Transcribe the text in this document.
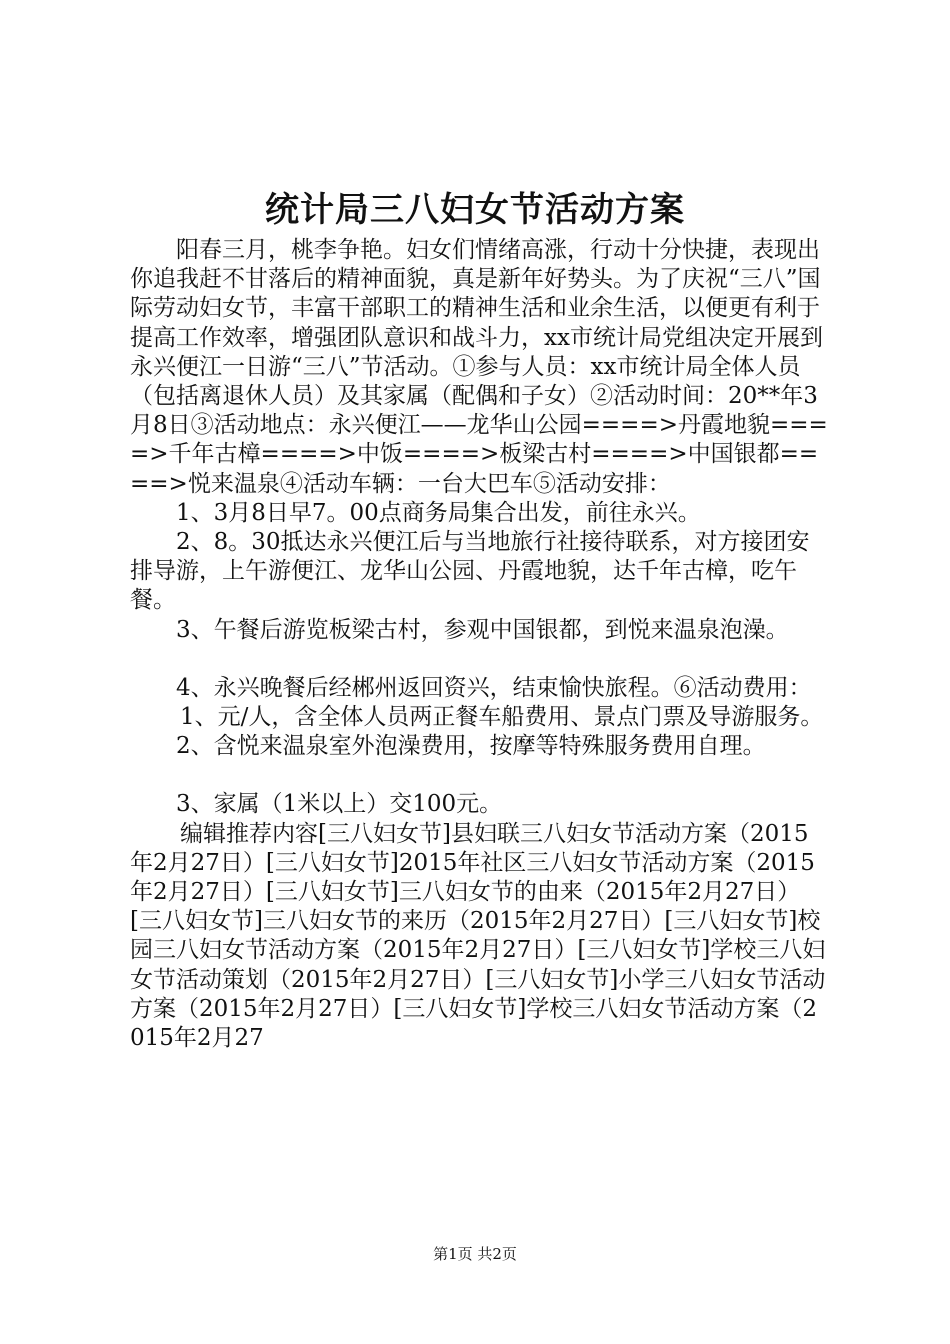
统计局三八妇女节活动方案

阳春三月，桃李争艳。妇女们情绪高涨，行动十分快捷，表现出你追我赶不甘落后的精神面貌，真是新年好势头。为了庆祝“三八”国际劳动妇女节，丰富干部职工的精神生活和业余生活，以便更有利于提高工作效率，增强团队意识和战斗力，xx市统计局党组决定开展到永兴便江一日游“三八”节活动。①参与人员：xx市统计局全体人员（包括离退休人员）及其家属（配偶和子女）②活动时间：20**年3月8日③活动地点：永兴便江——龙华山公园====>丹霞地貌====>千年古樟====>中饭====>板梁古村====>中国银都====>悦来温泉④活动车辆：一台大巴车⑤活动安排：

1、3月8日早7。00点商务局集合出发，前往永兴。

2、8。30抵达永兴便江后与当地旅行社接待联系，对方接团安排导游，上午游便江、龙华山公园、丹霞地貌，达千年古樟，吃午餐。

3、午餐后游览板梁古村，参观中国银都，到悦来温泉泡澡。

4、永兴晚餐后经郴州返回资兴，结束愉快旅程。⑥活动费用：

1、元/人，含全体人员两正餐车船费用、景点门票及导游服务。

2、含悦来温泉室外泡澡费用，按摩等特殊服务费用自理。

3、家属（1米以上）交100元。

编辑推荐内容[三八妇女节]县妇联三八妇女节活动方案（2015年2月27日）[三八妇女节]2015年社区三八妇女节活动方案（2015年2月27日）[三八妇女节]三八妇女节的由来（2015年2月27日）[三八妇女节]三八妇女节的来历（2015年2月27日）[三八妇女节]校园三八妇女节活动方案（2015年2月27日）[三八妇女节]学校三八妇女节活动策划（2015年2月27日）[三八妇女节]小学三八妇女节活动方案（2015年2月27日）[三八妇女节]学校三八妇女节活动方案（2015年2月27

第1页 共2页
